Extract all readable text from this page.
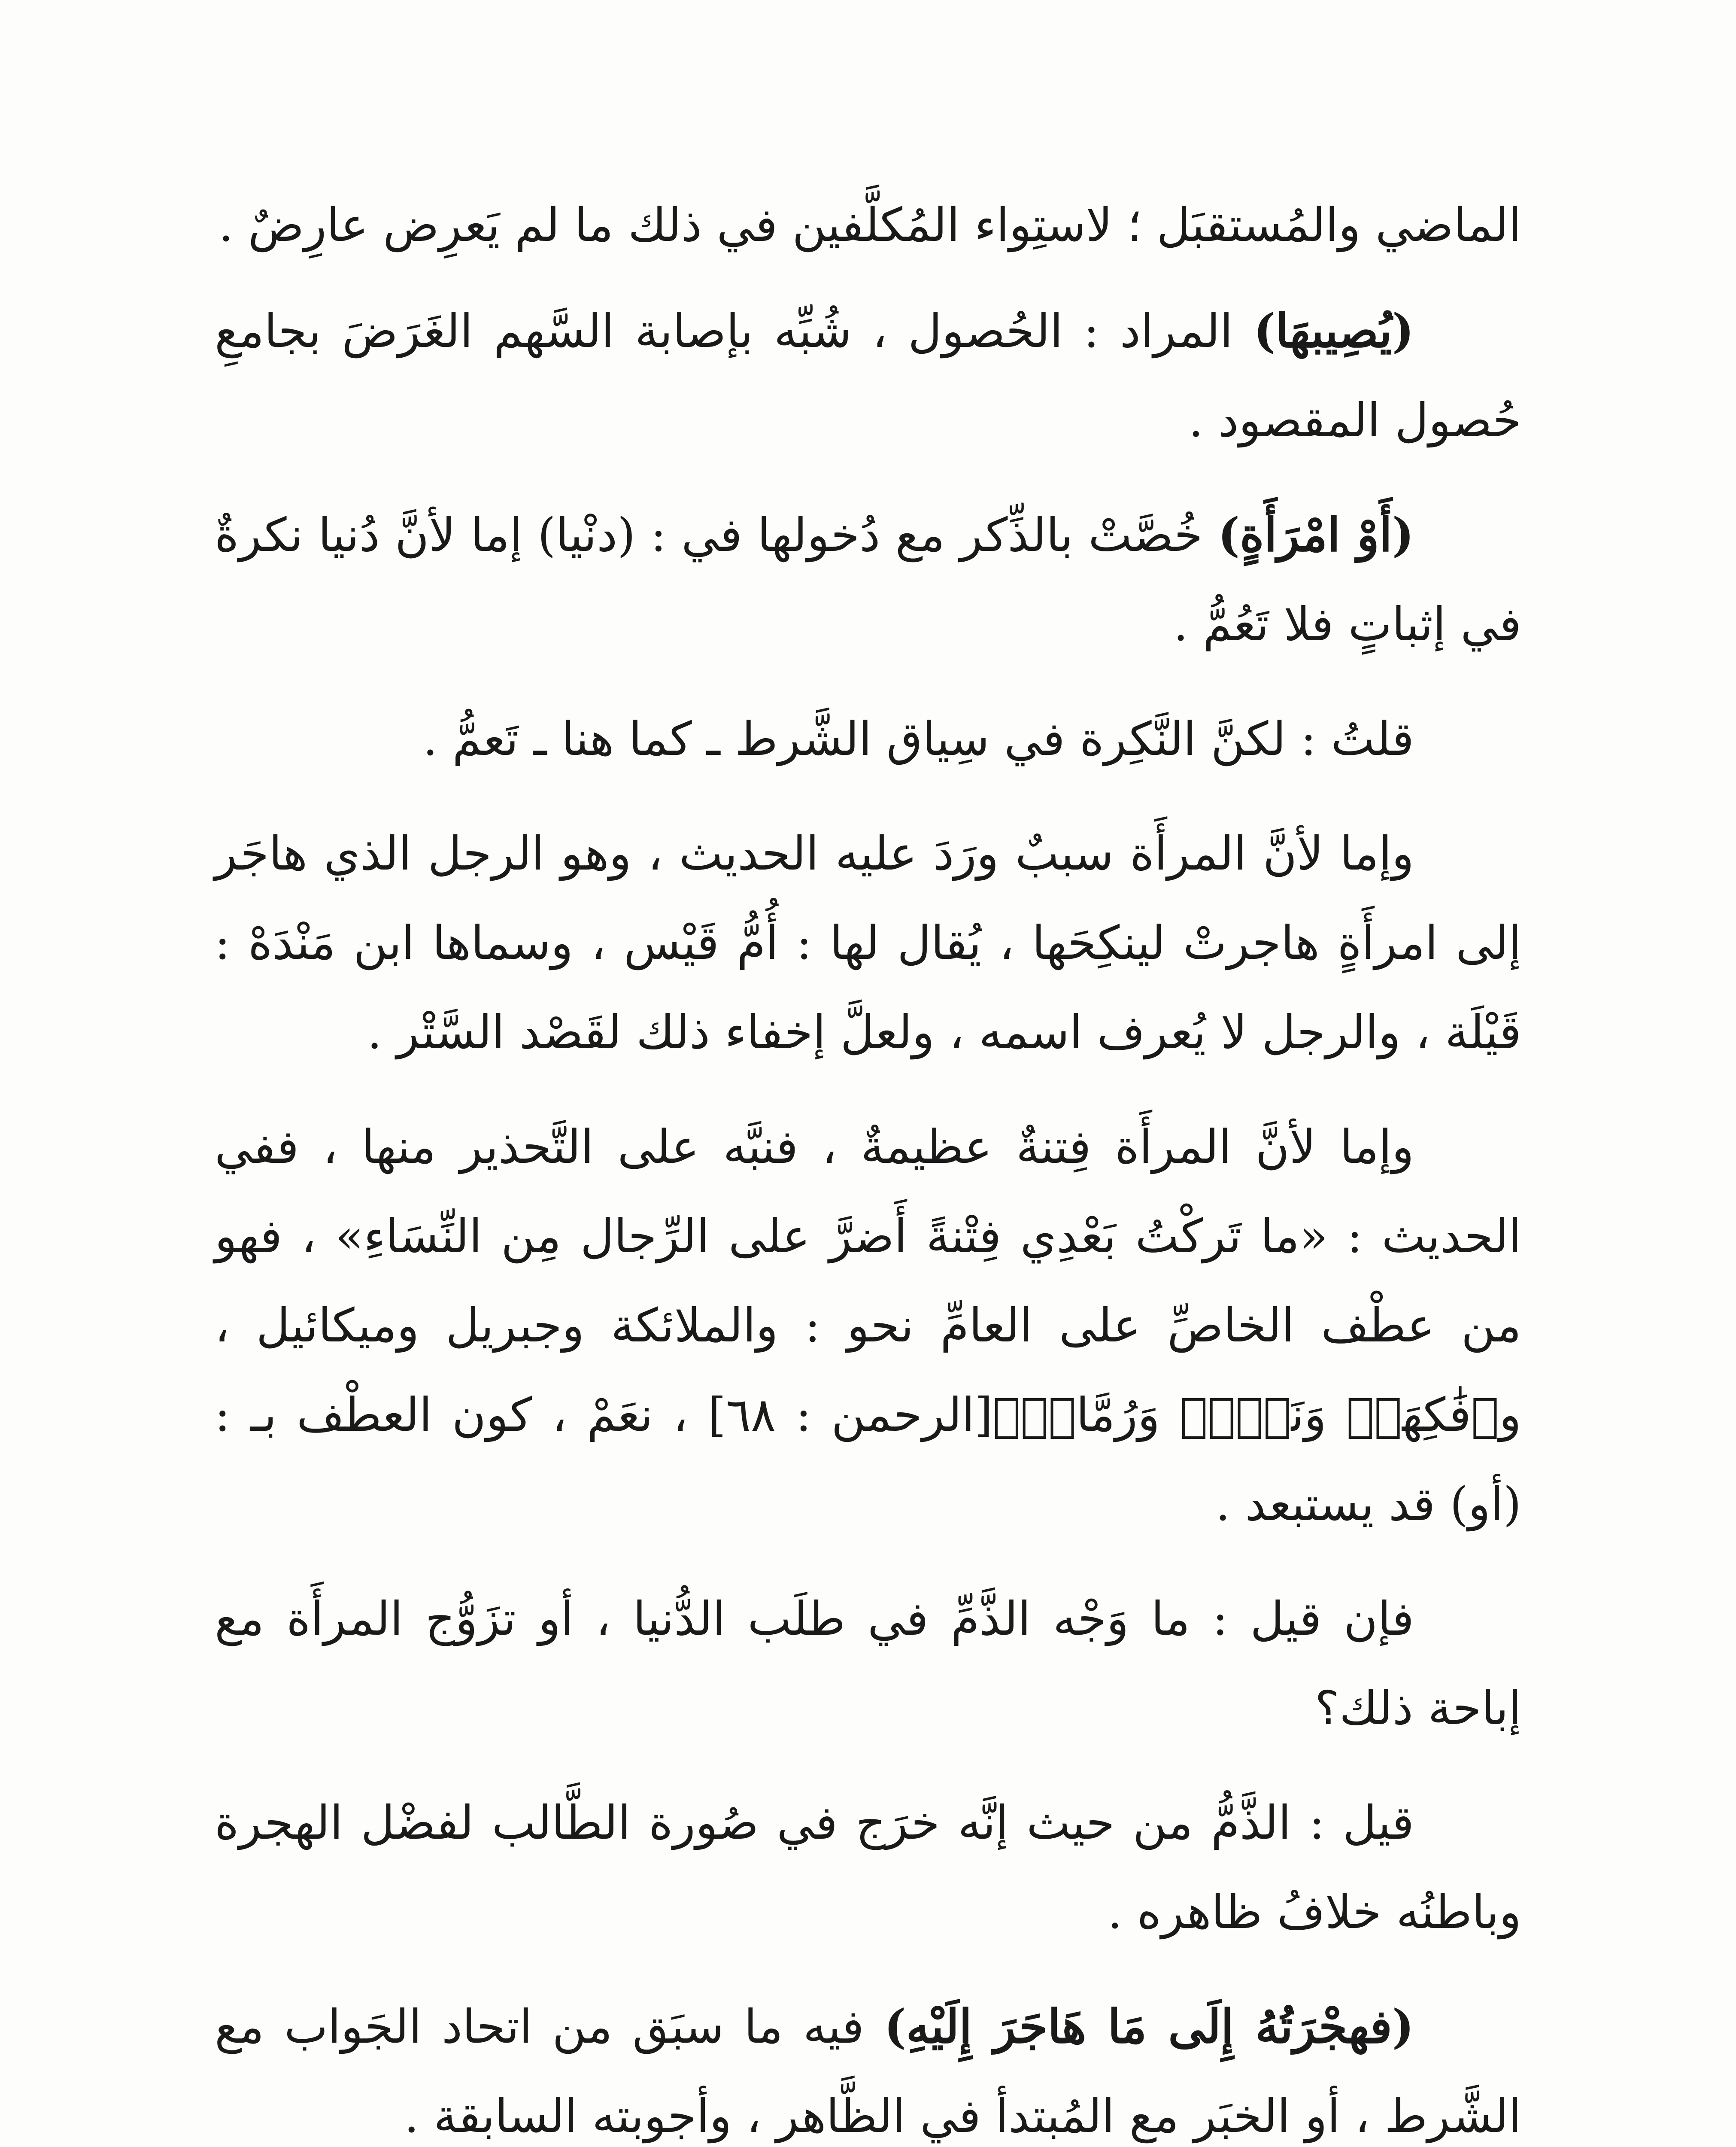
الماضي والمُستقبَل ؛ لاستِواء المُكلَّفين في ذلك ما لم يَعرِض عارِضٌ .

(يُصِيبهَا) المراد : الحُصول ، شُبِّه بإصابة السَّهم الغَرَضَ بجامعِ حُصول المقصود .

(أَوْ امْرَأَةٍ) خُصَّتْ بالذِّكر مع دُخولها في : (دنْيا) إما لأنَّ دُنيا نكرةٌ في إثباتٍ فلا تَعُمُّ .

قلتُ : لكنَّ النَّكِرة في سِياق الشَّرط ـ كما هنا ـ تَعمُّ .

وإما لأنَّ المرأَة سببٌ ورَدَ عليه الحديث ، وهو الرجل الذي هاجَر إلى امرأَةٍ هاجرتْ لينكِحَها ، يُقال لها : أُمُّ قَيْس ، وسماها ابن مَنْدَهْ : قَيْلَة ، والرجل لا يُعرف اسمه ، ولعلَّ إخفاء ذلك لقَصْد السَّتْر .

وإما لأنَّ المرأَة فِتنةٌ عظيمةٌ ، فنبَّه على التَّحذير منها ، ففي الحديث : «ما تَركْتُ بَعْدِي فِتْنةً أَضرَّ على الرِّجال مِن النِّسَاءِ» ، فهو من عطْف الخاصِّ على العامِّ نحو : والملائكة وجبريل وميكائيل ، و﴿فَٰكِهَةٞ وَنَخۡلٞ وَرُمَّانٞ﴾[الرحمن : ٦٨] ، نعَمْ ، كون العطْف بـ : (أو) قد يستبعد .

فإن قيل : ما وَجْه الذَّمِّ في طلَب الدُّنيا ، أو تزَوُّج المرأَة مع إباحة ذلك؟

قيل : الذَّمُّ من حيث إنَّه خرَج في صُورة الطَّالب لفضْل الهجرة وباطنُه خلافُ ظاهره .

(فهجْرَتُهُ إِلَى مَا هَاجَرَ إِلَيْهِ) فيه ما سبَق من اتحاد الجَواب مع الشَّرط ، أو الخبَر مع المُبتدأ في الظَّاهر ، وأجوبته السابقة .
